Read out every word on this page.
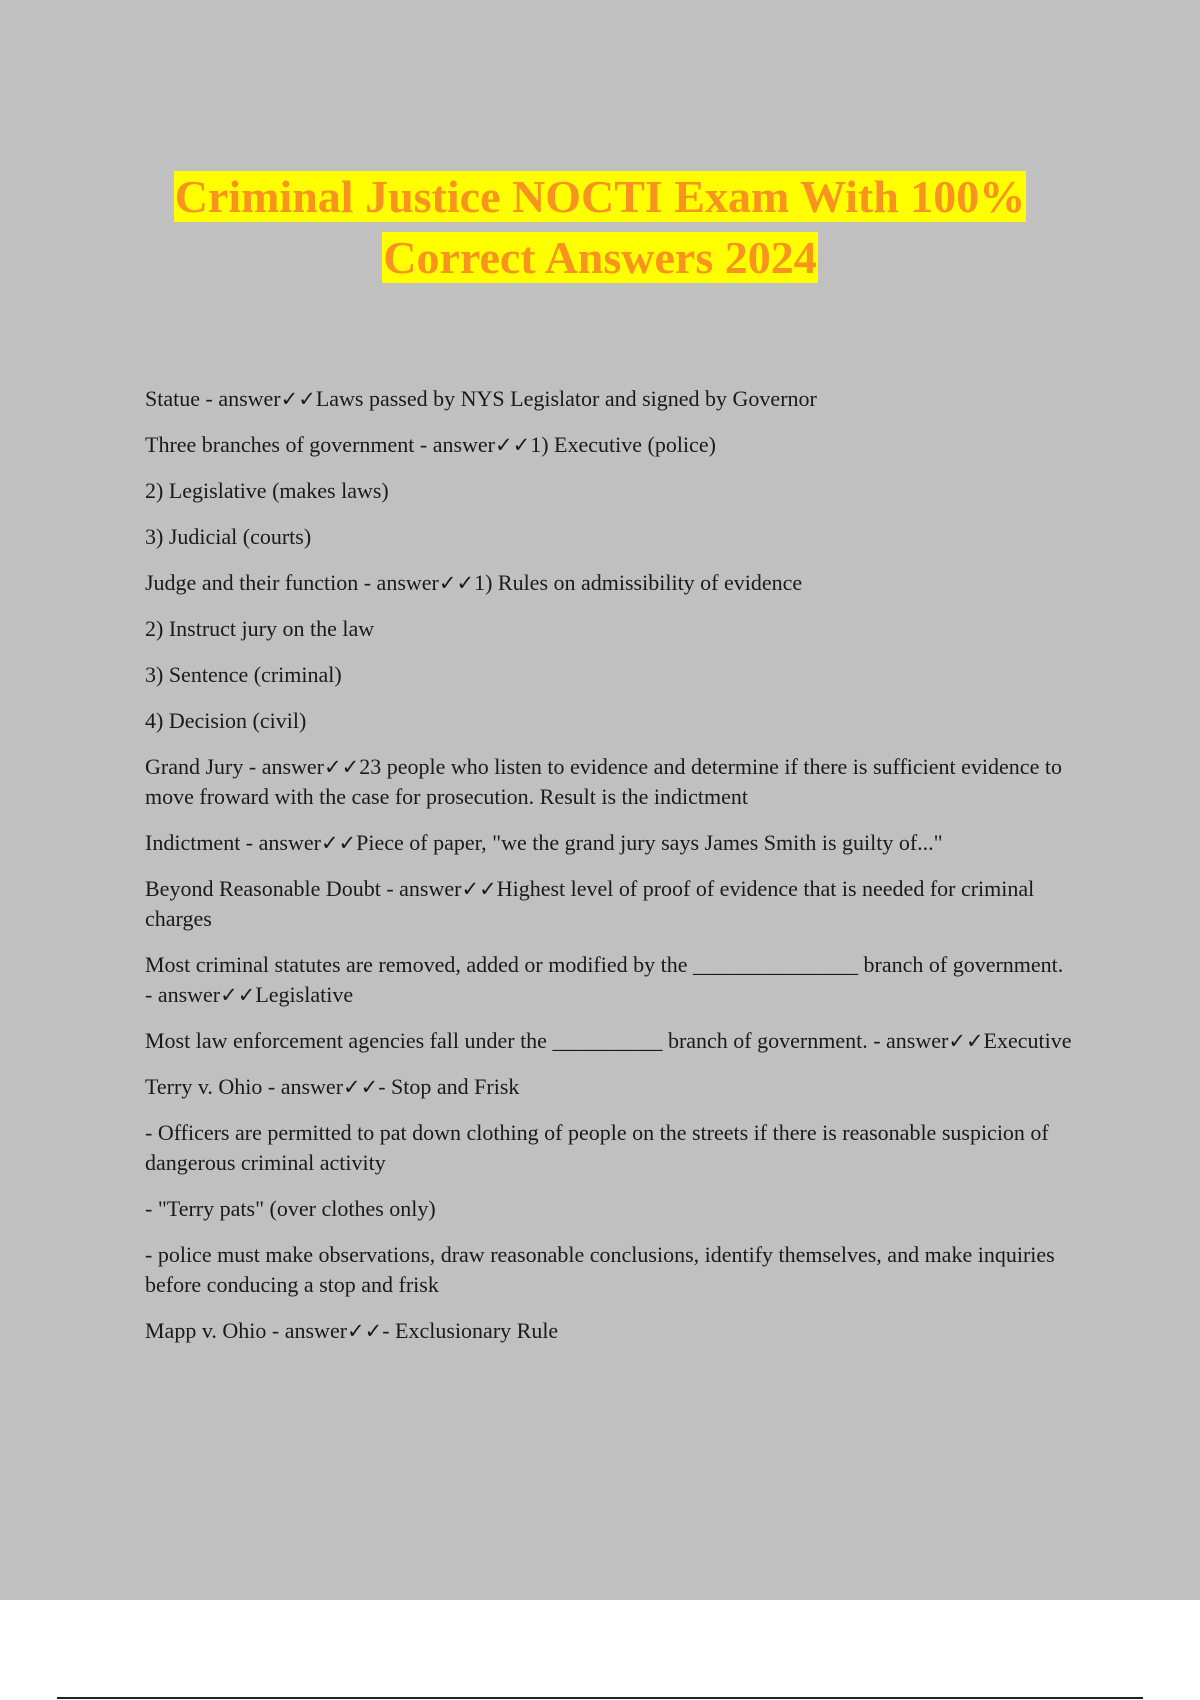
Criminal Justice NOCTI Exam With 100%
Correct Answers 2024

Statue - answer✓✓Laws passed by NYS Legislator and signed by Governor

Three branches of government - answer✓✓1) Executive (police)

2) Legislative (makes laws)

3) Judicial (courts)

Judge and their function - answer✓✓1) Rules on admissibility of evidence

2) Instruct jury on the law

3) Sentence (criminal)

4) Decision (civil)

Grand Jury - answer✓✓23 people who listen to evidence and determine if there is sufficient evidence to move froward with the case for prosecution. Result is the indictment

Indictment - answer✓✓Piece of paper, "we the grand jury says James Smith is guilty of..."

Beyond Reasonable Doubt - answer✓✓Highest level of proof of evidence that is needed for criminal charges

Most criminal statutes are removed, added or modified by the _______________ branch of government. - answer✓✓Legislative

Most law enforcement agencies fall under the __________ branch of government. - answer✓✓Executive

Terry v. Ohio - answer✓✓- Stop and Frisk

- Officers are permitted to pat down clothing of people on the streets if there is reasonable suspicion of dangerous criminal activity

- "Terry pats" (over clothes only)

- police must make observations, draw reasonable conclusions, identify themselves, and make inquiries before conducing a stop and frisk

Mapp v. Ohio - answer✓✓- Exclusionary Rule
